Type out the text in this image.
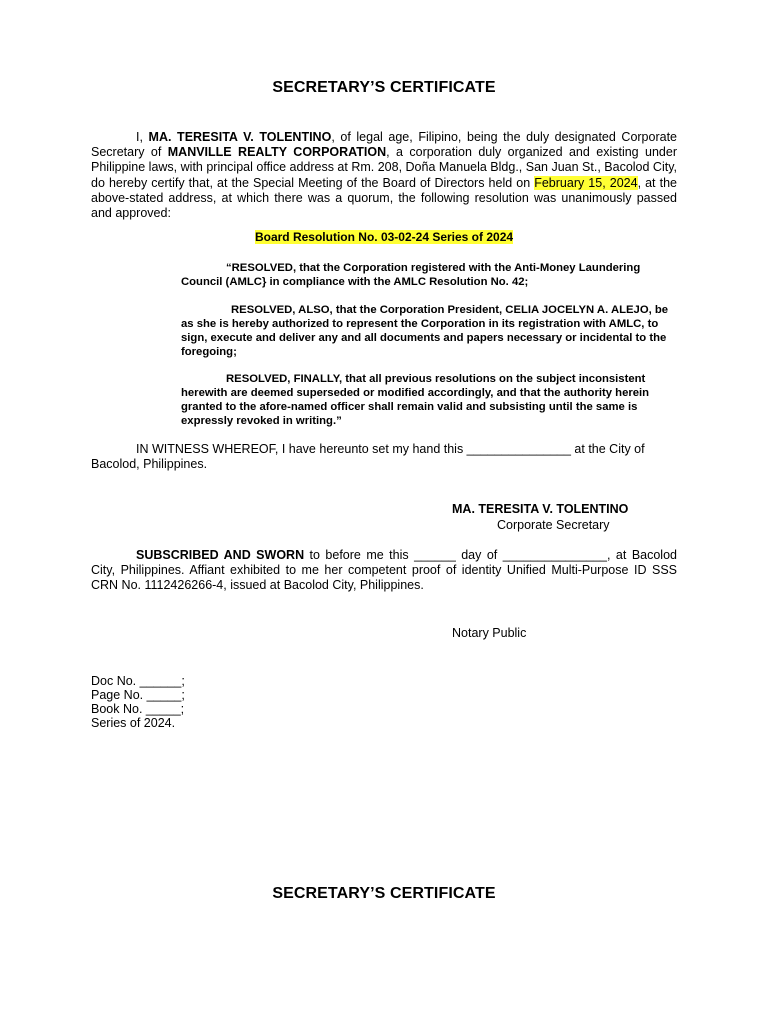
SECRETARY’S CERTIFICATE
I, MA. TERESITA V. TOLENTINO, of legal age, Filipino, being the duly designated Corporate Secretary of MANVILLE REALTY CORPORATION, a corporation duly organized and existing under Philippine laws, with principal office address at Rm. 208, Doña Manuela Bldg., San Juan St., Bacolod City, do hereby certify that, at the Special Meeting of the Board of Directors held on February 15, 2024, at the above-stated address, at which there was a quorum, the following resolution was unanimously passed and approved:
Board Resolution No. 03-02-24 Series of 2024
“RESOLVED, that the Corporation registered with the Anti-Money Laundering Council (AMLC} in compliance with the AMLC Resolution No. 42;
RESOLVED, ALSO, that the Corporation President, CELIA JOCELYN A. ALEJO, be as she is hereby authorized to represent the Corporation in its registration with AMLC, to sign, execute and deliver any and all documents and papers necessary or incidental to the foregoing;
RESOLVED, FINALLY, that all previous resolutions on the subject inconsistent herewith are deemed superseded or modified accordingly, and that the authority herein granted to the afore-named officer shall remain valid and subsisting until the same is expressly revoked in writing.”
IN WITNESS WHEREOF, I have hereunto set my hand this _______________ at the City of Bacolod, Philippines.
MA. TERESITA V. TOLENTINO
Corporate Secretary
SUBSCRIBED AND SWORN to before me this ______ day of _______________, at Bacolod City, Philippines. Affiant exhibited to me her competent proof of identity Unified Multi-Purpose ID SSS CRN No. 1112426266-4, issued at Bacolod City, Philippines.
Notary Public
Doc No. ______;
Page No. _____;
Book No. _____;
Series of 2024.
SECRETARY’S CERTIFICATE
